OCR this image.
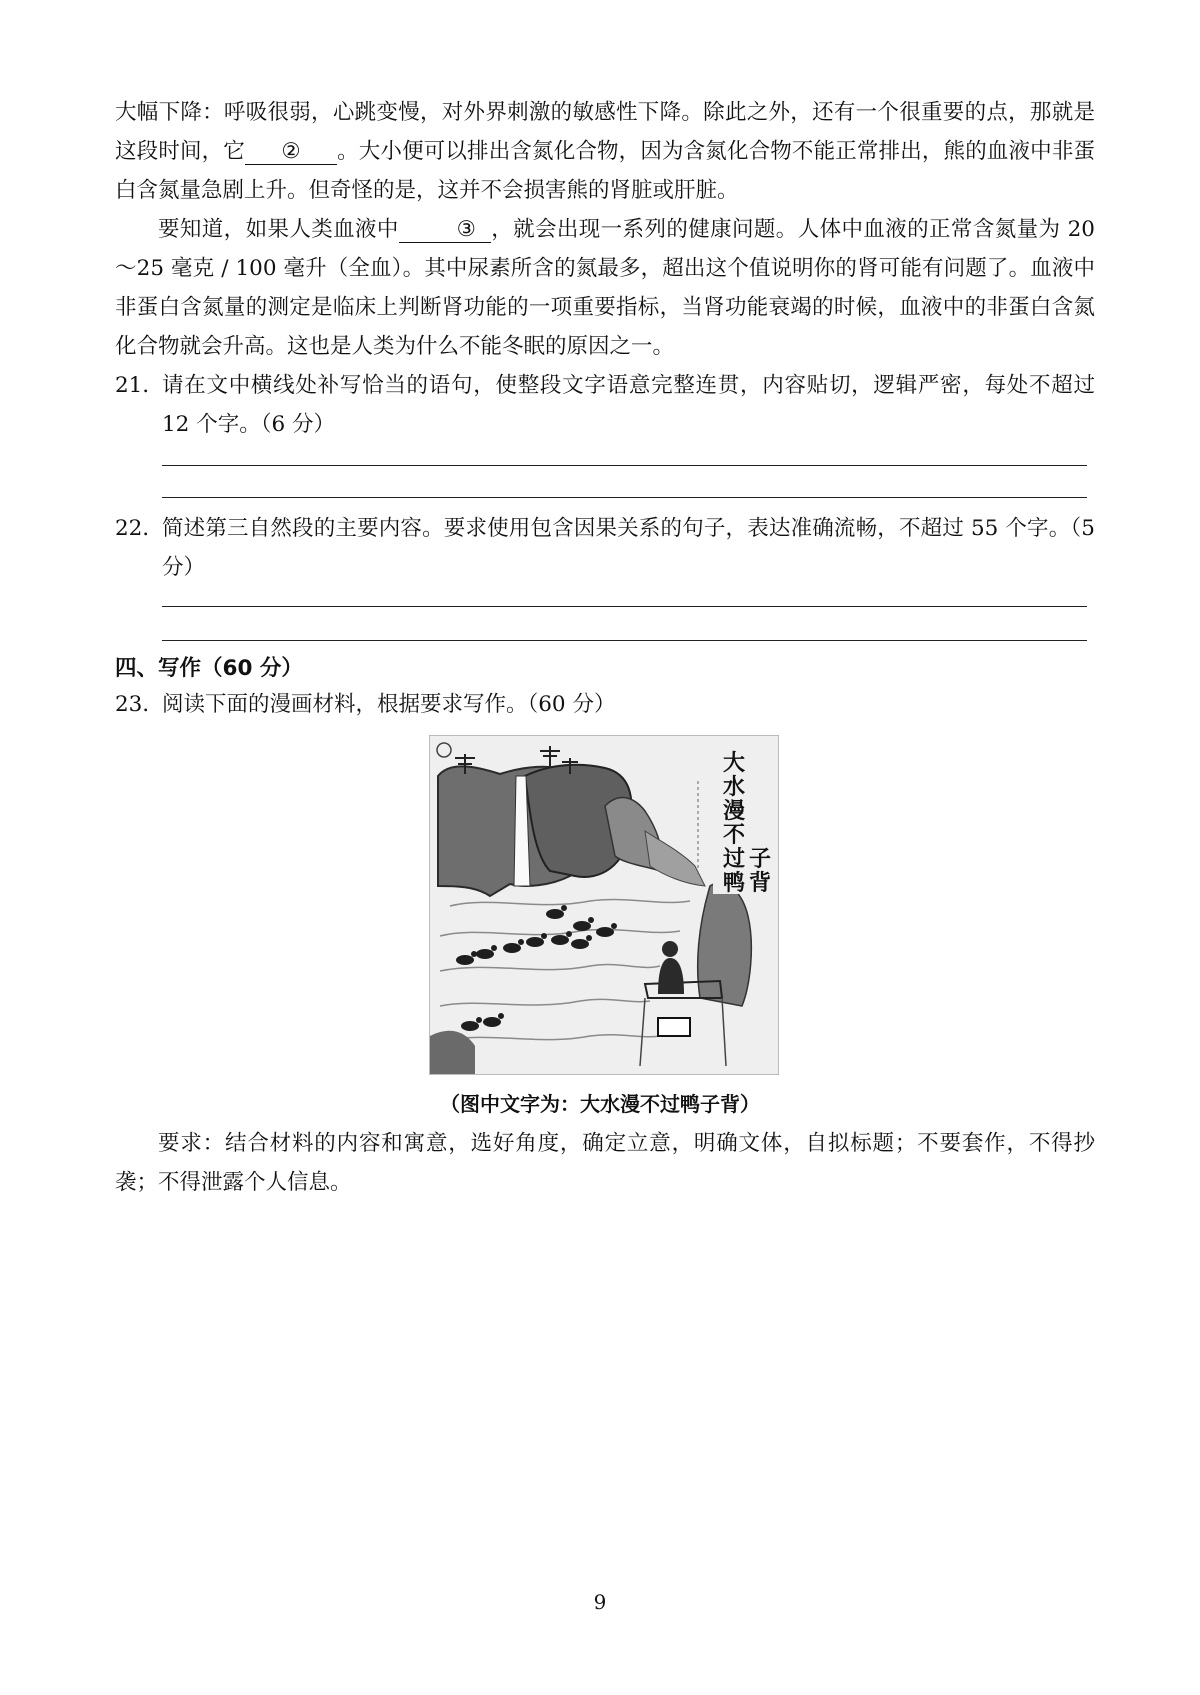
大幅下降：呼吸很弱，心跳变慢，对外界刺激的敏感性下降。除此之外，还有一个很重要的点，那就是这段时间，它 ② 。大小便可以排出含氮化合物，因为含氮化合物不能正常排出，熊的血液中非蛋白含氮量急剧上升。但奇怪的是，这并不会损害熊的肾脏或肝脏。

要知道，如果人类血液中	③ ，就会出现一系列的健康问题。人体中血液的正常含氮量为 20～25 毫克 / 100 毫升（全血）。其中尿素所含的氮最多，超出这个值说明你的肾可能有问题了。血液中非蛋白含氮量的测定是临床上判断肾功能的一项重要指标，当肾功能衰竭的时候，血液中的非蛋白含氮化合物就会升高。这也是人类为什么不能冬眠的原因之一。

21．
请在文中横线处补写恰当的语句，使整段文字语意完整连贯，内容贴切，逻辑严密，每处不超过 12 个字。（6 分）
22．
简述第三自然段的主要内容。要求使用包含因果关系的句子，表达准确流畅，不超过 55 个字。（5 分）
四、写作（60 分）
23．
阅读下面的漫画材料，根据要求写作。（60 分）
大
水
漫
不
过
鸭
子
背
（图中文字为：大水漫不过鸭子背）

要求：结合材料的内容和寓意，选好角度，确定立意，明确文体，自拟标题；不要套作，不得抄袭；不得泄露个人信息。

9
